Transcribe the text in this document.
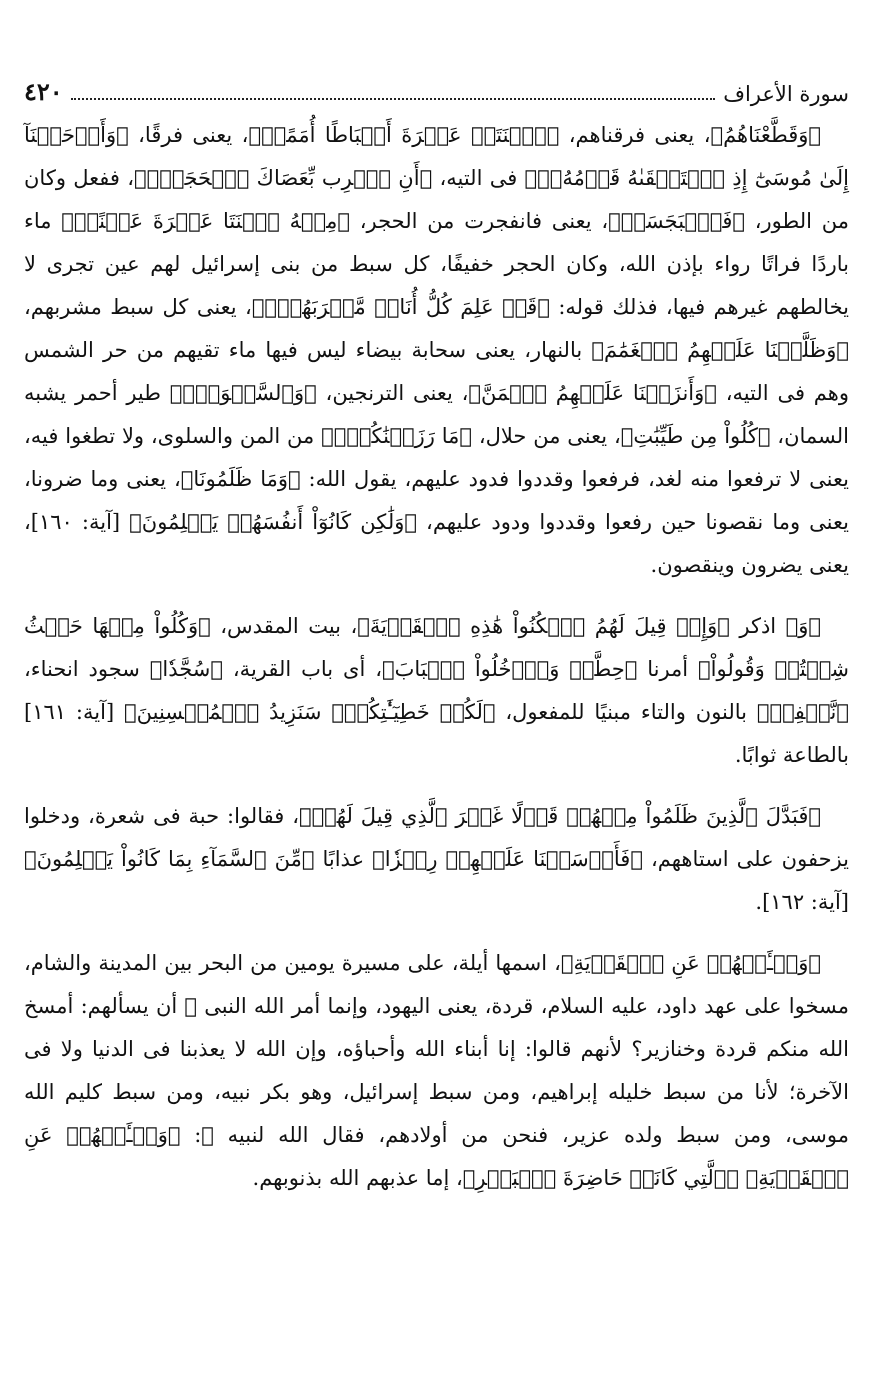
سورة الأعراف
٤٢٠

﴿وَقَطَّعْنَاهُمُ﴾، يعنى فرقناهم، ﴿ٱثۡنَتَيۡ عَشۡرَةَ أَسۡبَاطًا أُمَمًاۚ﴾، يعنى فرقًا، ﴿وَأَوۡحَيۡنَآ إِلَىٰ مُوسَىٰٓ إِذِ ٱسۡتَسۡقَىٰهُ قَوۡمُهُۥٓ﴾ فى التيه، ﴿أَنِ ٱضۡرِب بِّعَصَاكَ ٱلۡحَجَرَۖ﴾، ففعل وكان من الطور، ﴿فَٱنۢبَجَسَتۡ﴾، يعنى فانفجرت من الحجر، ﴿مِنۡهُ ٱثۡنَتَا عَشۡرَةَ عَيۡنًاۖ﴾ ماء باردًا فراتًا رواء بإذن الله، وكان الحجر خفيفًا، كل سبط من بنى إسرائيل لهم عين تجرى لا يخالطهم غيرهم فيها، فذلك قوله: ﴿قَدۡ عَلِمَ كُلُّ أُنَاسٖ مَّشۡرَبَهُمۡۚ﴾، يعنى كل سبط مشربهم، ﴿وَظَلَّلۡنَا عَلَيۡهِمُ ٱلۡغَمَٰمَ﴾ بالنهار، يعنى سحابة بيضاء ليس فيها ماء تقيهم من حر الشمس وهم فى التيه، ﴿وَأَنزَلۡنَا عَلَيۡهِمُ ٱلۡمَنَّ﴾، يعنى الترنجين، ﴿وَٱلسَّلۡوَىٰۖ﴾ طير أحمر يشبه السمان، ﴿كُلُواْ مِن طَيِّبَٰتِ﴾، يعنى من حلال، ﴿مَا رَزَقۡنَٰكُمۡۚ﴾ من المن والسلوى، ولا تطغوا فيه، يعنى لا ترفعوا منه لغد، فرفعوا وقددوا فدود عليهم، يقول الله: ﴿وَمَا ظَلَمُونَا﴾، يعنى وما ضرونا، يعنى وما نقصونا حين رفعوا وقددوا ودود عليهم، ﴿وَلَٰكِن كَانُوٓاْ أَنفُسَهُمۡ يَظۡلِمُونَ﴾ [آية: ١٦٠]، يعنى يضرون وينقصون.

﴿وَ﴾ اذكر ﴿وَإِذۡ قِيلَ لَهُمُ ٱسۡكُنُواْ هَٰذِهِ ٱلۡقَرۡيَةَ﴾، بيت المقدس، ﴿وَكُلُواْ مِنۡهَا حَيۡثُ شِئۡتُمۡ وَقُولُواْ﴾ أمرنا ﴿حِطَّةٞ وَٱدۡخُلُواْ ٱلۡبَابَ﴾، أى باب القرية، ﴿سُجَّدٗا﴾ سجود انحناء، ﴿نَّغۡفِرۡ﴾ بالنون والتاء مبنيًا للمفعول، ﴿لَكُمۡ خَطِيٓـَٰٔتِكُمۡۚ سَنَزِيدُ ٱلۡمُحۡسِنِينَ﴾ [آية: ١٦١] بالطاعة ثوابًا.

﴿فَبَدَّلَ ٱلَّذِينَ ظَلَمُواْ مِنۡهُمۡ قَوۡلًا غَيۡرَ ٱلَّذِي قِيلَ لَهُمۡ﴾، فقالوا: حبة فى شعرة، ودخلوا يزحفون على استاههم، ﴿فَأَرۡسَلۡنَا عَلَيۡهِمۡ رِجۡزٗا﴾ عذابًا ﴿مِّنَ ٱلسَّمَآءِ بِمَا كَانُواْ يَظۡلِمُونَ﴾ [آية: ١٦٢].

﴿وَسۡـَٔلۡهُمۡ عَنِ ٱلۡقَرۡيَةِ﴾، اسمها أيلة، على مسيرة يومين من البحر بين المدينة والشام، مسخوا على عهد داود، عليه السلام، قردة، يعنى اليهود، وإنما أمر الله النبى ﷺ أن يسألهم: أمسخ الله منكم قردة وخنازير؟ لأنهم قالوا: إنا أبناء الله وأحباؤه، وإن الله لا يعذبنا فى الدنيا ولا فى الآخرة؛ لأنا من سبط خليله إبراهيم، ومن سبط إسرائيل، وهو بكر نبيه، ومن سبط كليم الله موسى، ومن سبط ولده عزير، فنحن من أولادهم، فقال الله لنبيه ﷺ: ﴿وَسۡـَٔلۡهُمۡ عَنِ ٱلۡقَرۡيَةِ﴾ ﴿ٱلَّتِي كَانَتۡ حَاضِرَةَ ٱلۡبَحۡرِ﴾، إما عذبهم الله بذنوبهم.
